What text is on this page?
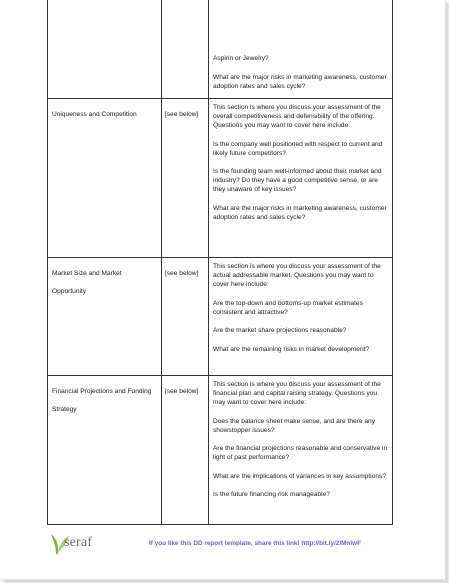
Aspirin or Jewelry?

What are the major risks in marketing awareness, customer adoption rates and sales cycle?

Uniqueness and Competition	[see below]

This section is where you discuss your assessment of the overall competitiveness and defensibility of the offering. Questions you may want to cover here include:

Is the company well positioned with respect to current and likely future competitors?

Is the founding team well-informed about their market and industry? Do they have a good competitive sense, or are they unaware of key issues?

What are the major risks in marketing awareness, customer adoption rates and sales cycle?

Market Size and Market Opportunity
[see below]

This section is where you discuss your assessment of the actual addressable market. Questions you may want to cover here include:

Are the top-down and bottoms-up market estimates consistent and attractive?

Are the market share projections reasonable?

What are the remaining risks in market development?

Financial Projections and Funding Strategy
[see below]

This section is where you discuss your assessment of the financial plan and capital raising strategy. Questions you may want to cover here include:

Does the balance sheet make sense, and are there any showstopper issues?

Are the financial projections reasonable and conservative in light of past performance?

What are the implications of variances in key assumptions?

Is the future financing risk manageable?

seraf	If you like this DD report template, share this link! http://bit.ly/2lMniwF
